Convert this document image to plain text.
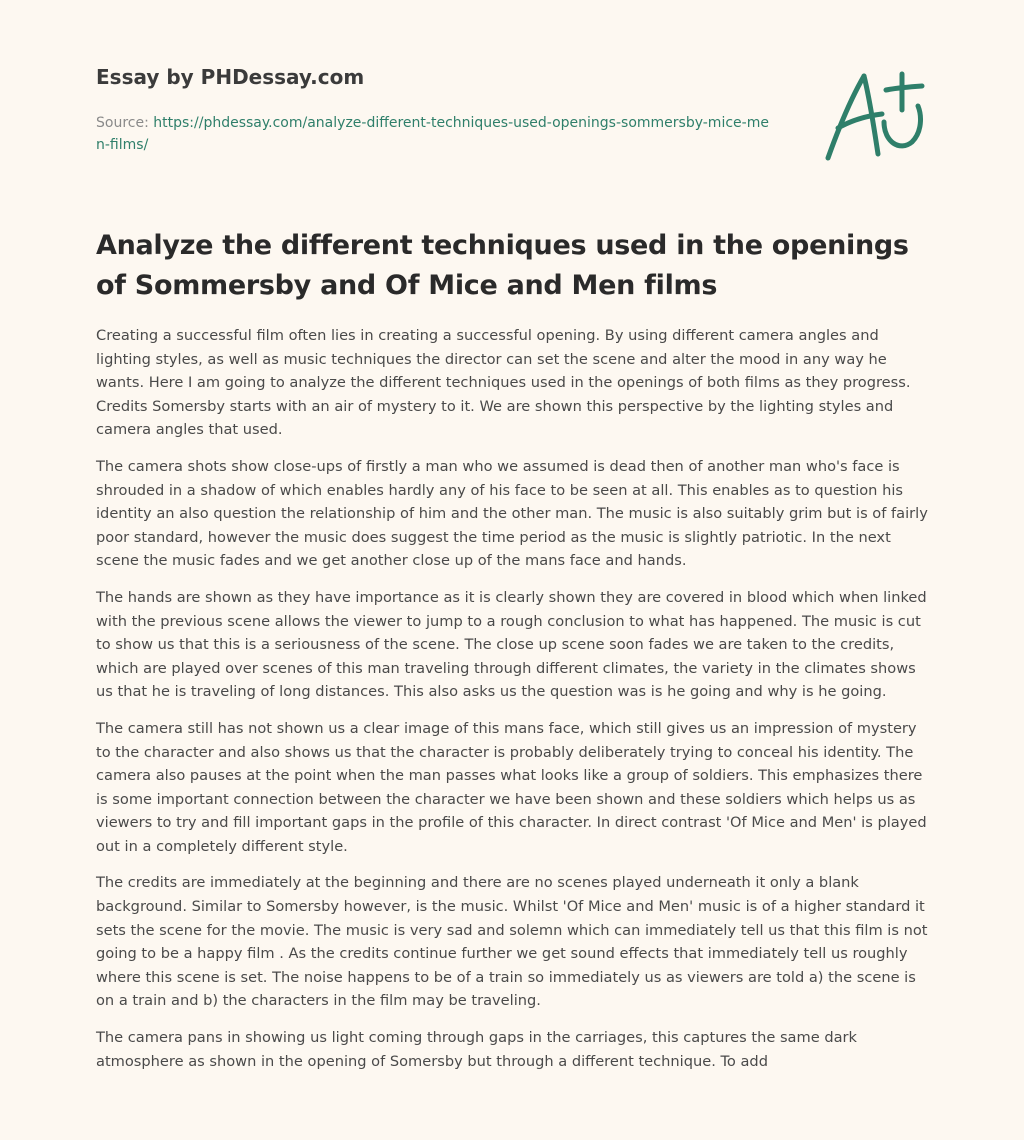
Essay by PHDessay.com
Source: https://phdessay.com/analyze-different-techniques-used-openings-sommersby-mice-men-films/
Analyze the different techniques used in the openings of Sommersby and Of Mice and Men films

Creating a successful film often lies in creating a successful opening. By using different camera angles and lighting styles, as well as music techniques the director can set the scene and alter the mood in any way he wants. Here I am going to analyze the different techniques used in the openings of both films as they progress. Credits Somersby starts with an air of mystery to it. We are shown this perspective by the lighting styles and camera angles that used.

The camera shots show close-ups of firstly a man who we assumed is dead then of another man who's face is shrouded in a shadow of which enables hardly any of his face to be seen at all. This enables as to question his identity an also question the relationship of him and the other man. The music is also suitably grim but is of fairly poor standard, however the music does suggest the time period as the music is slightly patriotic. In the next scene the music fades and we get another close up of the mans face and hands.

The hands are shown as they have importance as it is clearly shown they are covered in blood which when linked with the previous scene allows the viewer to jump to a rough conclusion to what has happened. The music is cut to show us that this is a seriousness of the scene. The close up scene soon fades we are taken to the credits, which are played over scenes of this man traveling through different climates, the variety in the climates shows us that he is traveling of long distances. This also asks us the question was is he going and why is he going.

The camera still has not shown us a clear image of this mans face, which still gives us an impression of mystery to the character and also shows us that the character is probably deliberately trying to conceal his identity. The camera also pauses at the point when the man passes what looks like a group of soldiers. This emphasizes there is some important connection between the character we have been shown and these soldiers which helps us as viewers to try and fill important gaps in the profile of this character. In direct contrast 'Of Mice and Men' is played out in a completely different style.

The credits are immediately at the beginning and there are no scenes played underneath it only a blank background. Similar to Somersby however, is the music. Whilst 'Of Mice and Men' music is of a higher standard it sets the scene for the movie. The music is very sad and solemn which can immediately tell us that this film is not going to be a happy film . As the credits continue further we get sound effects that immediately tell us roughly where this scene is set. The noise happens to be of a train so immediately us as viewers are told a) the scene is on a train and b) the characters in the film may be traveling.

The camera pans in showing us light coming through gaps in the carriages, this captures the same dark atmosphere as shown in the opening of Somersby but through a different technique. To add
